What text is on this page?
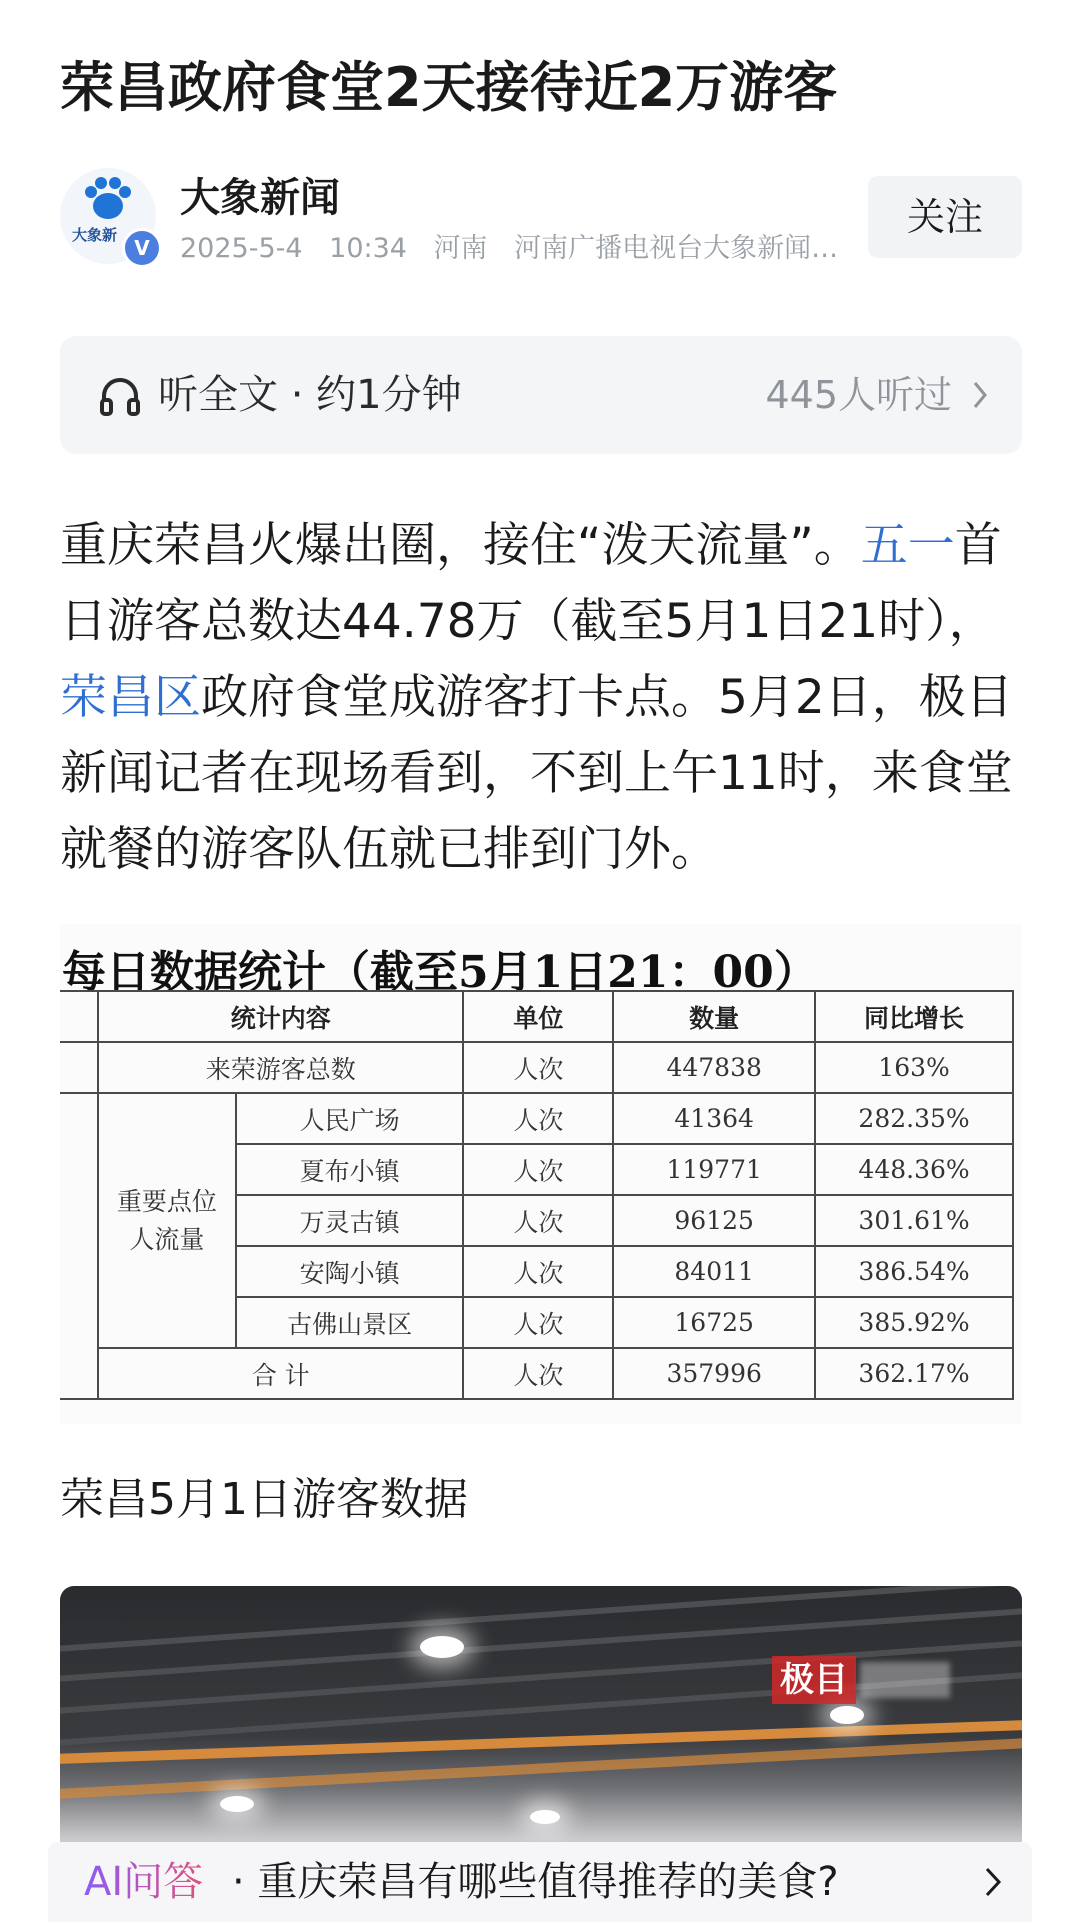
荣昌政府食堂2天接待近2万游客
大象新
V
大象新闻
2025-5-4 10:34 河南 河南广播电视台大象新闻…
关注
听全文 · 约1分钟	445人听过
重庆荣昌火爆出圈，接住“泼天流量”。五一首日游客总数达44.78万（截至5月1日21时），荣昌区政府食堂成游客打卡点。5月2日，极目新闻记者在现场看到，不到上午11时，来食堂就餐的游客队伍就已排到门外。
每日数据统计（截至5月1日21：00）
	统计内容		单位	数量	同比增长
	来荣游客总数		人次	447838	163%
	重要点位人流量	人民广场	人次	41364	282.35%
		夏布小镇	人次	119771	448.36%
		万灵古镇	人次	96125	301.61%
		安陶小镇	人次	84011	386.54%
		古佛山景区	人次	16725	385.92%
	合 计		人次	357996	362.17%
荣昌5月1日游客数据
极目
AI问答 · 重庆荣昌有哪些值得推荐的美食?
